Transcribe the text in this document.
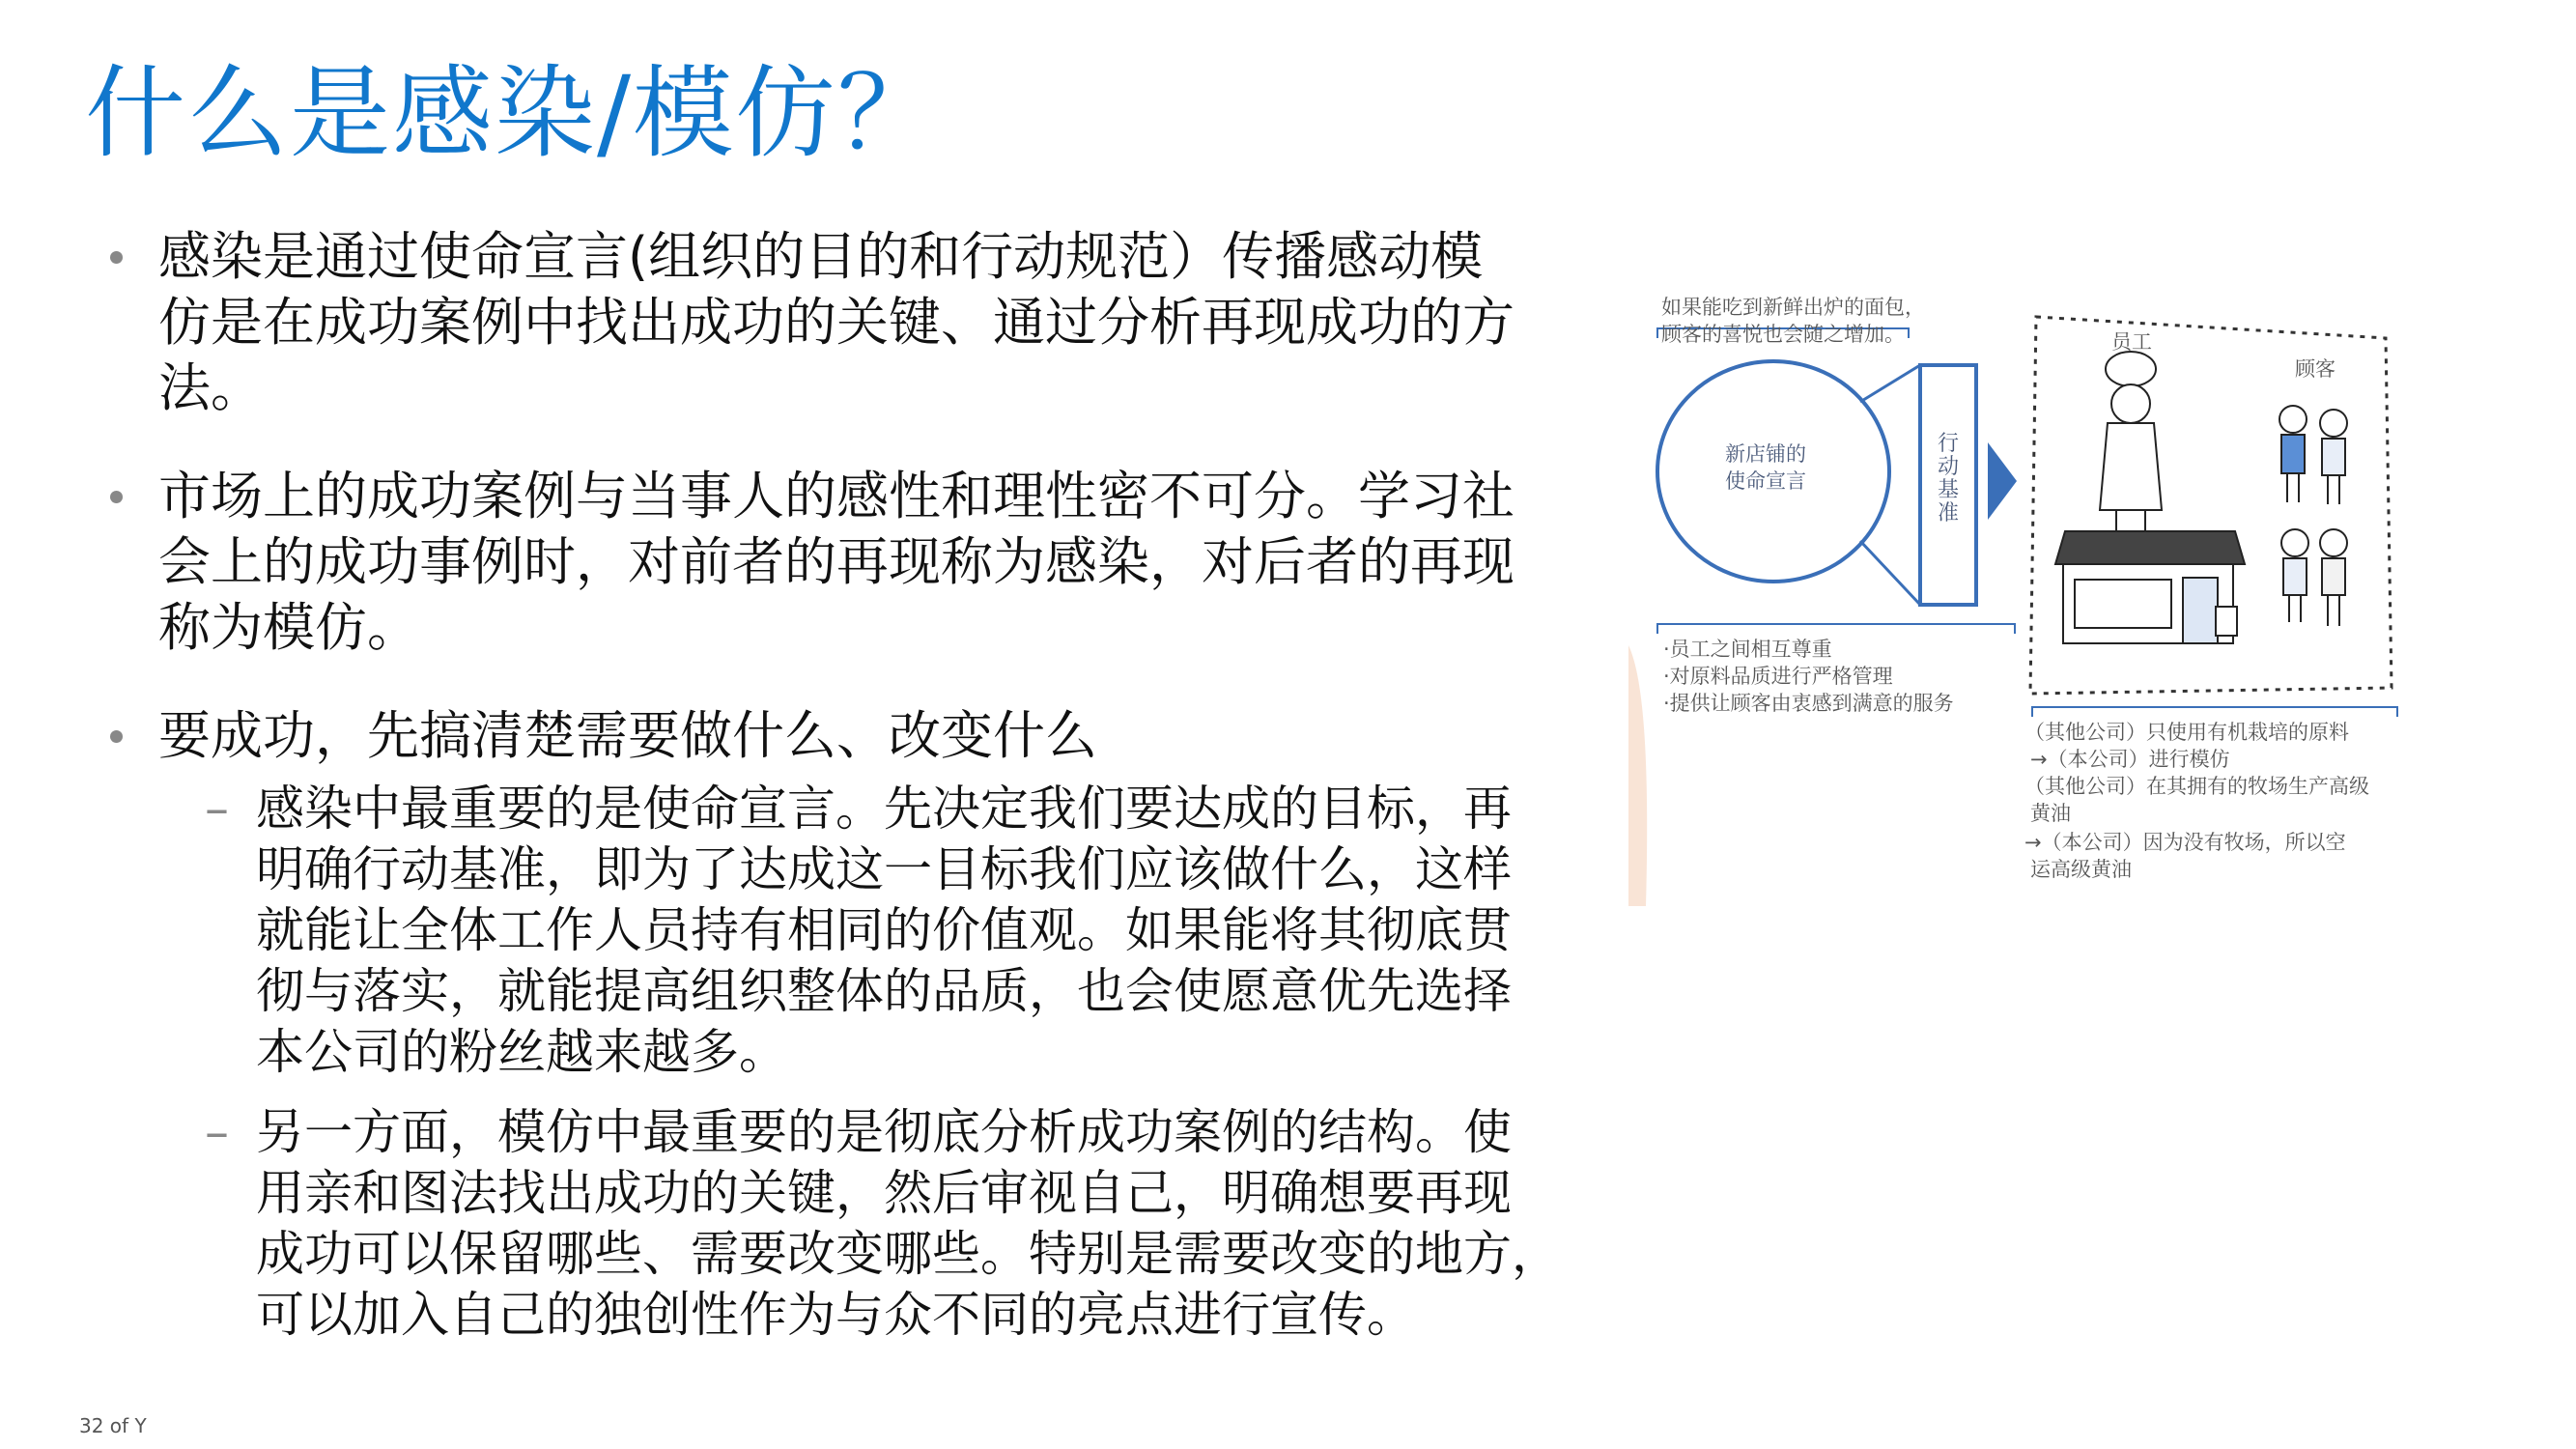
什么是感染/模仿？
感染是通过使命宣言(组织的目的和行动规范）传播感动模
仿是在成功案例中找出成功的关键、通过分析再现成功的方
法。
市场上的成功案例与当事人的感性和理性密不可分。学习社
会上的成功事例时，对前者的再现称为感染，对后者的再现
称为模仿。
要成功，先搞清楚需要做什么、改变什么
– 感染中最重要的是使命宣言。先决定我们要达成的目标，再
明确行动基准，即为了达成这一目标我们应该做什么，这样
就能让全体工作人员持有相同的价值观。如果能将其彻底贯
彻与落实，就能提高组织整体的品质，也会使愿意优先选择
本公司的粉丝越来越多。
– 另一方面，模仿中最重要的是彻底分析成功案例的结构。使
用亲和图法找出成功的关键，然后审视自己，明确想要再现
成功可以保留哪些、需要改变哪些。特别是需要改变的地方，
可以加入自己的独创性作为与众不同的亮点进行宣传。
如果能吃到新鲜出炉的面包，
顾客的喜悦也会随之增加。
新店铺的
使命宣言
行
动
基
准
员工
顾客
·员工之间相互尊重
·对原料品质进行严格管理
·提供让顾客由衷感到满意的服务
（其他公司）只使用有机栽培的原料
→（本公司）进行模仿
（其他公司）在其拥有的牧场生产高级
黄油
→（本公司）因为没有牧场，所以空
运高级黄油
32 of Y
